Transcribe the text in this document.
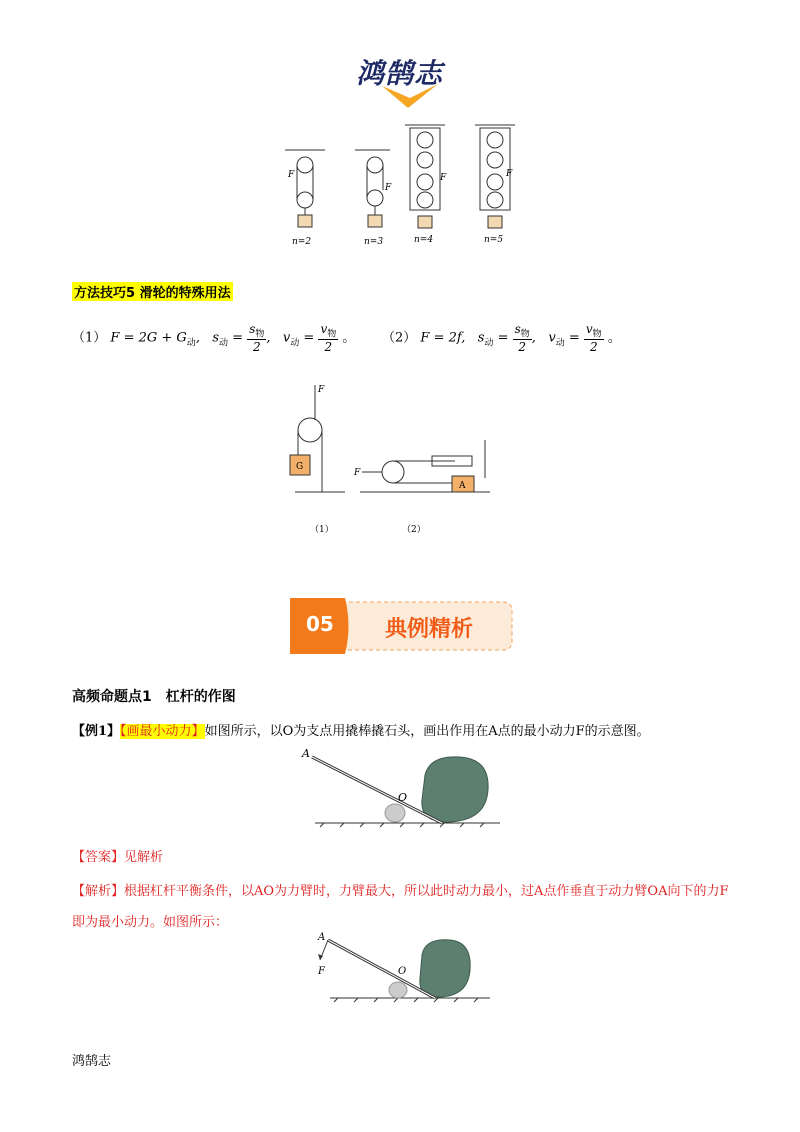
鸿鹄志
F
F
F	F
n=2	n=3	n=4	n=5
方法技巧5 滑轮的特殊用法
（1） $F = 2G + G_动$,   $s_动 = \frac{s_物}{2}$ ,   $v_动 = \frac{v_物}{2}$ 。 （2） F = 2f,   $s_动 = \frac{s_物}{2}$ ,   $v_动 = \frac{v_物}{2}$ 。
F
G
F
A
（1）	（2）
05 典例精析
高频命题点1　杠杆的作图
【例1】【画最小动力】如图所示，以O为支点用撬棒撬石头，画出作用在A点的最小动力F的示意图。
A
O
【答案】见解析
【解析】根据杠杆平衡条件，以AO为力臂时，力臂最大，所以此时动力最小，过A点作垂直于动力臂OA向下的力F即为最小动力。如图所示：
A
O
F
鸿鹄志
